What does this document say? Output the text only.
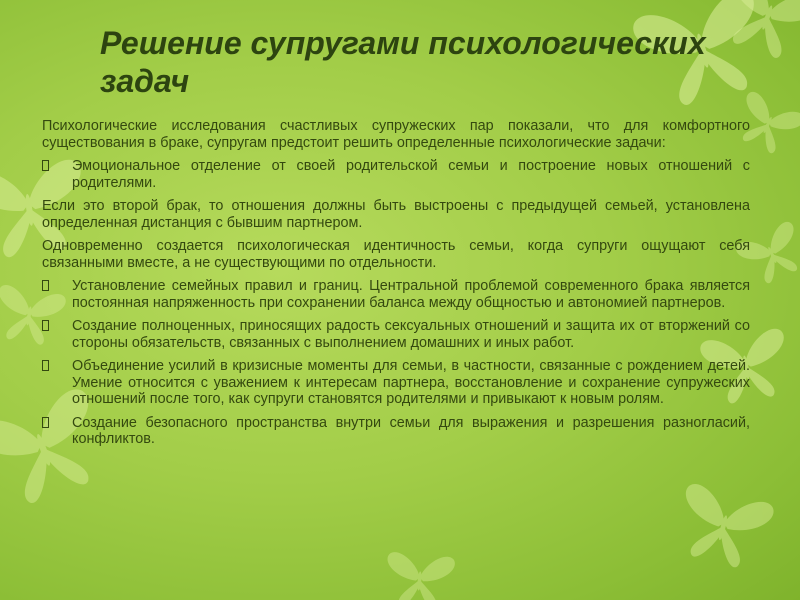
Решение супругами психологических задач

Психологические исследования счастливых супружеских пар показали, что для комфортного существования в браке, супругам предстоит решить определенные психологические задачи:

Эмоциональное отделение от своей родительской семьи и построение новых отношений с родителями.

Если это второй брак, то отношения должны быть выстроены с предыдущей семьей, установлена определенная дистанция с бывшим партнером.

Одновременно создается психологическая идентичность семьи, когда супруги ощущают себя связанными вместе, а не существующими по отдельности.

Установление семейных правил и границ. Центральной проблемой современного брака является постоянная напряженность при сохранении баланса между общностью и автономией партнеров.
Создание полноценных, приносящих радость сексуальных отношений и защита их от вторжений со стороны обязательств, связанных с выполнением домашних и иных работ.
Объединение усилий в кризисные моменты для семьи, в частности, связанные с рождением детей. Умение относится с уважением к интересам партнера, восстановление и сохранение супружеских отношений после того, как супруги становятся родителями и привыкают к новым ролям.
Создание безопасного пространства внутри семьи для выражения и разрешения разногласий, конфликтов.
